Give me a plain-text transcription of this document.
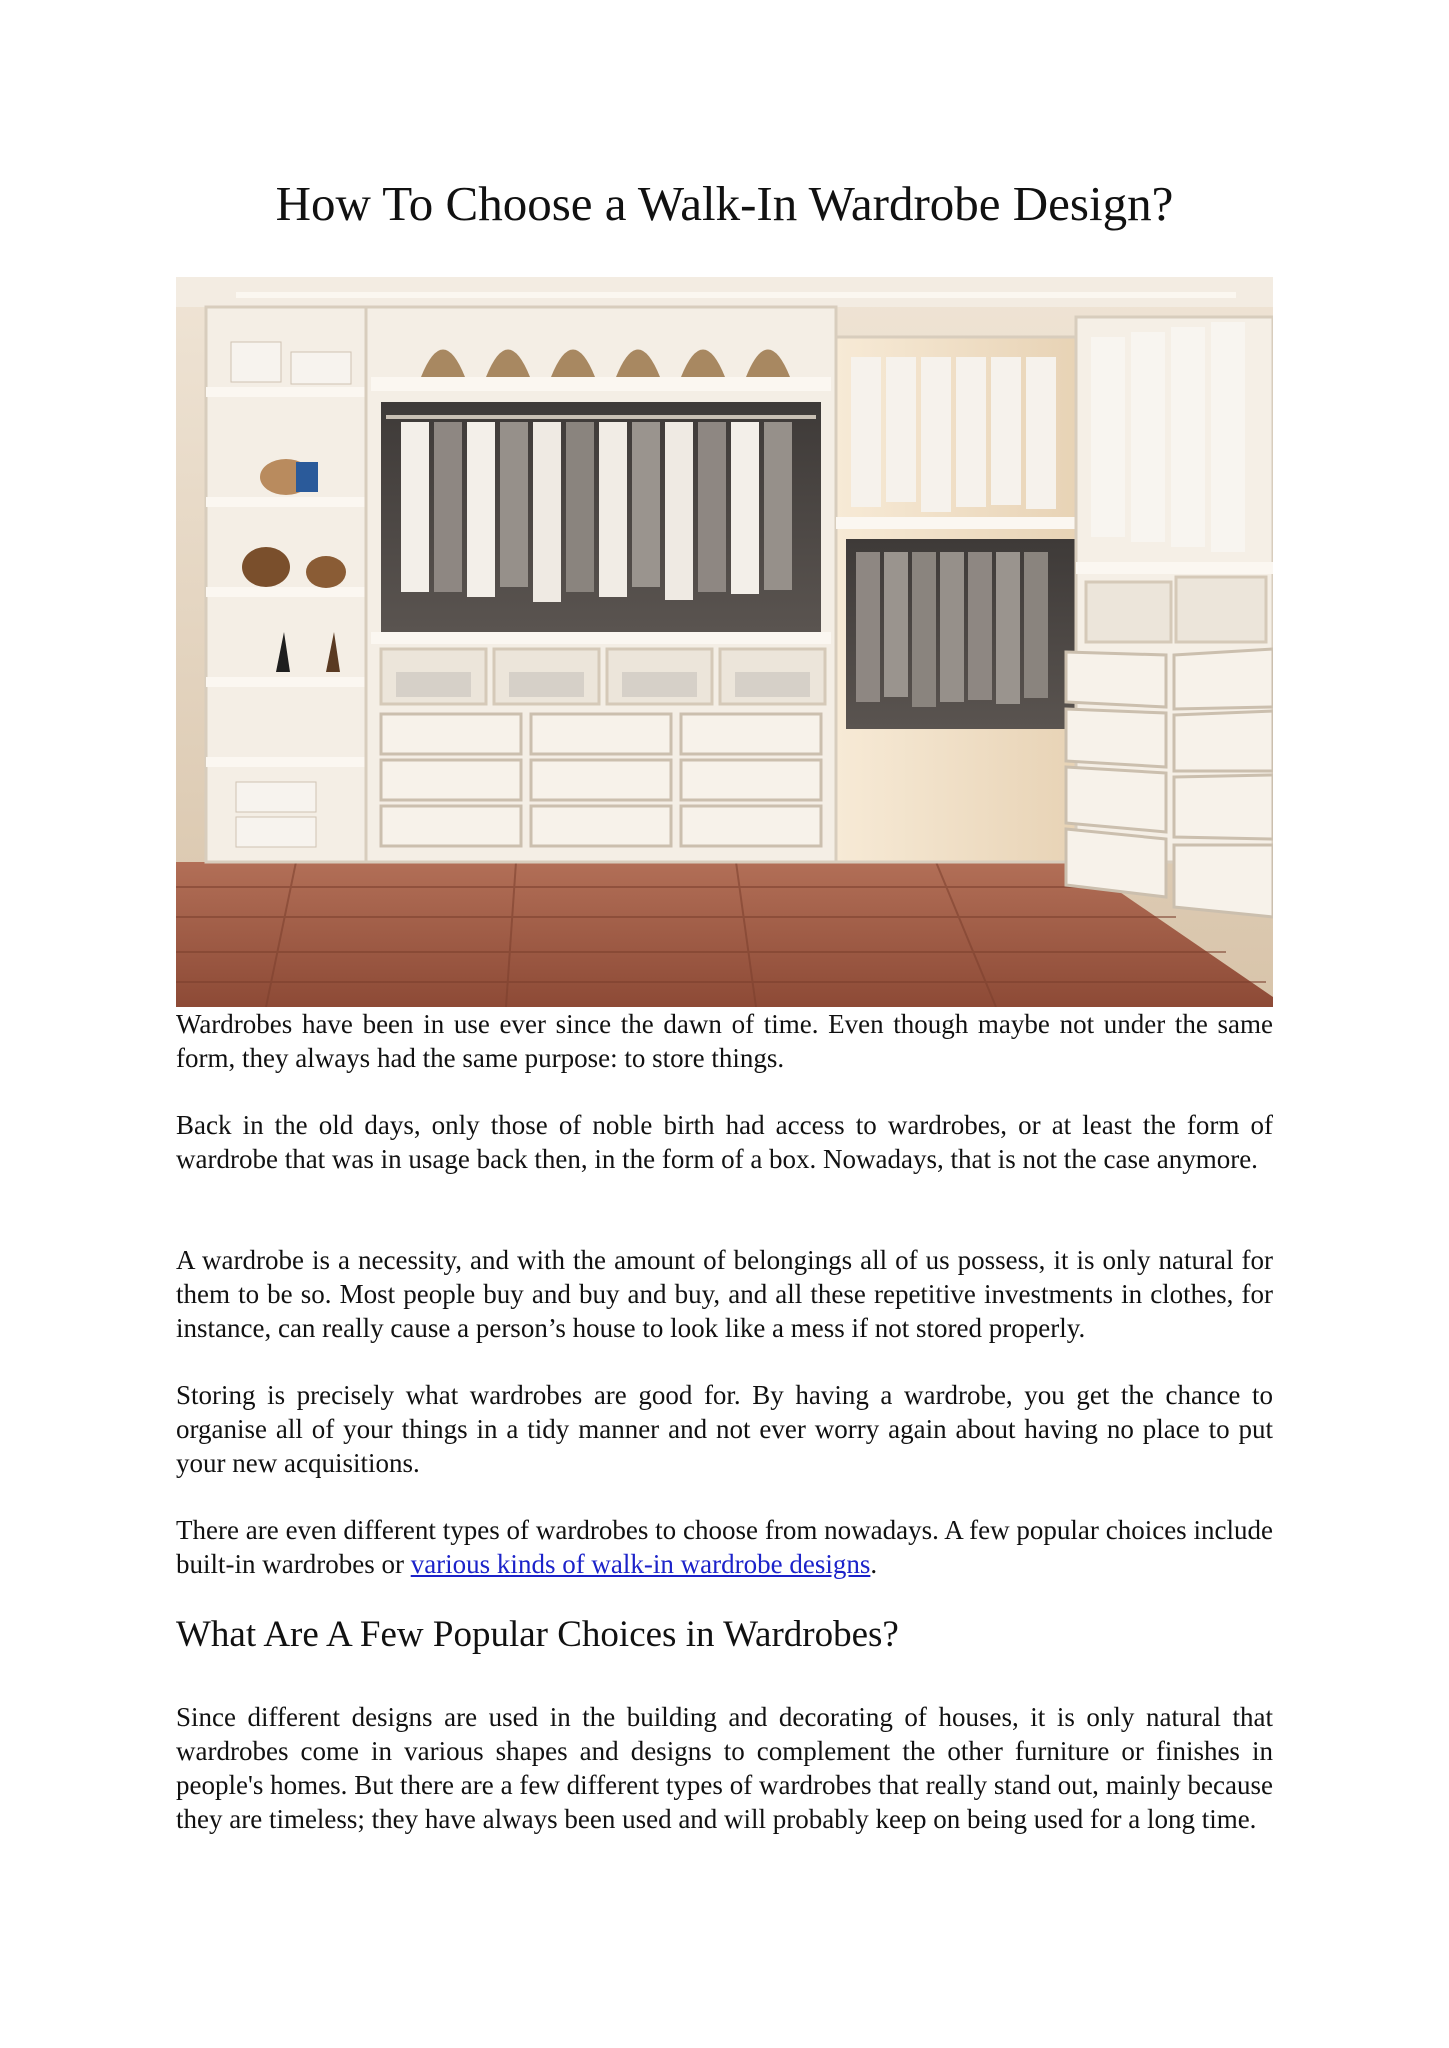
How To Choose a Walk-In Wardrobe Design?

Wardrobes have been in use ever since the dawn of time. Even though maybe not under the same form, they always had the same purpose: to store things.

Back in the old days, only those of noble birth had access to wardrobes, or at least the form of wardrobe that was in usage back then, in the form of a box. Nowadays, that is not the case anymore.

A wardrobe is a necessity, and with the amount of belongings all of us possess, it is only natural for them to be so. Most people buy and buy and buy, and all these repetitive investments in clothes, for instance, can really cause a person’s house to look like a mess if not stored properly.

Storing is precisely what wardrobes are good for. By having a wardrobe, you get the chance to organise all of your things in a tidy manner and not ever worry again about having no place to put your new acquisitions.

There are even different types of wardrobes to choose from nowadays. A few popular choices include built-in wardrobes or various kinds of walk-in wardrobe designs.

What Are A Few Popular Choices in Wardrobes?

Since different designs are used in the building and decorating of houses, it is only natural that wardrobes come in various shapes and designs to complement the other furniture or finishes in people's homes. But there are a few different types of wardrobes that really stand out, mainly because they are timeless; they have always been used and will probably keep on being used for a long time.
